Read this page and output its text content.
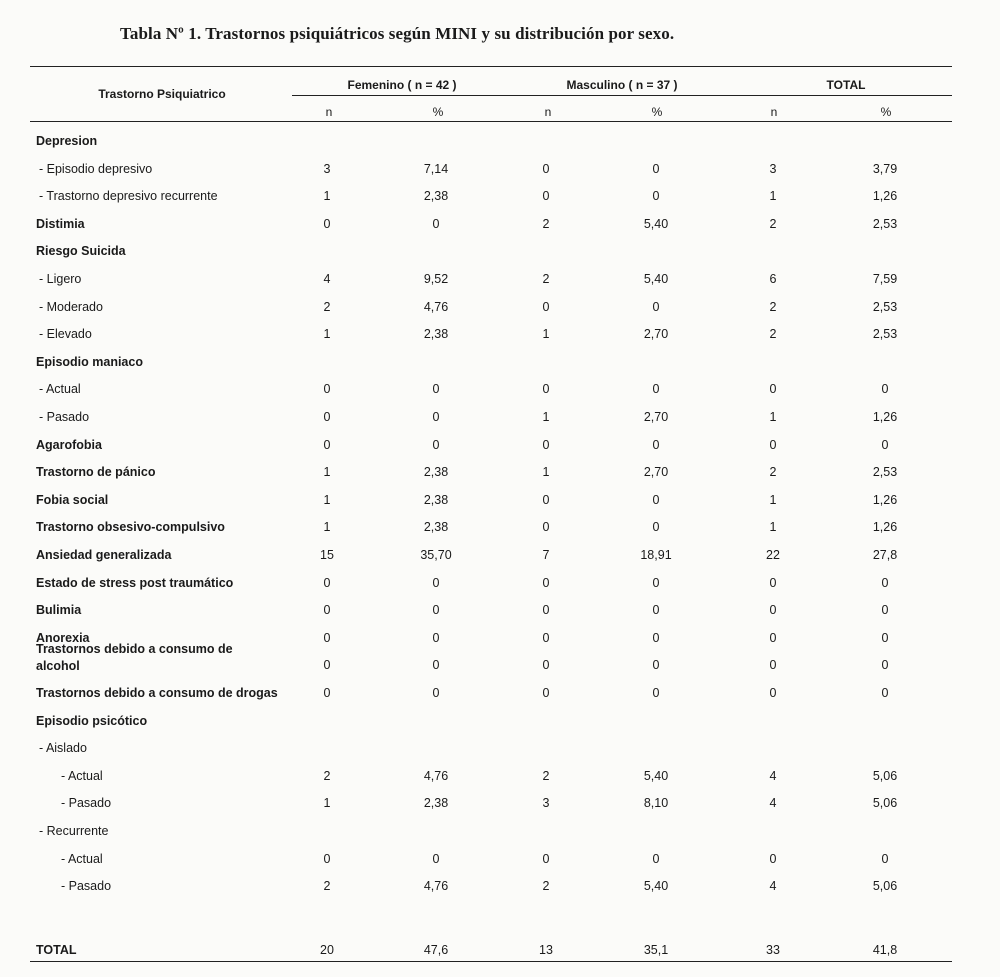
Tabla Nº 1. Trastornos psiquiátricos según MINI y su distribución por sexo.
Trastorno Psiquiatrico
Femenino ( n = 42 )	Masculino ( n = 37 )	TOTAL
n	%	n	%	n	%
Depresion
- Episodio depresivo	3	7,14	0	0	3	3,79
- Trastorno depresivo recurrente	1	2,38	0	0	1	1,26
Distimia	0	0	2	5,40	2	2,53
Riesgo Suicida
- Ligero	4	9,52	2	5,40	6	7,59
- Moderado	2	4,76	0	0	2	2,53
- Elevado	1	2,38	1	2,70	2	2,53
Episodio maniaco
- Actual	0	0	0	0	0	0
- Pasado	0	0	1	2,70	1	1,26
Agarofobia	0	0	0	0	0	0
Trastorno de pánico	1	2,38	1	2,70	2	2,53
Fobia social	1	2,38	0	0	1	1,26
Trastorno obsesivo-compulsivo	1	2,38	0	0	1	1,26
Ansiedad generalizada	15	35,70	7	18,91	22	27,8
Estado de stress post traumático	0	0	0	0	0	0
Bulimia	0	0	0	0	0	0
Anorexia	0	0	0	0	0	0
Trastornos debido a consumo de alcohol	0	0	0	0	0	0
Trastornos debido a consumo de drogas	0	0	0	0	0	0
Episodio psicótico
- Aislado
- Actual	2	4,76	2	5,40	4	5,06
- Pasado	1	2,38	3	8,10	4	5,06
- Recurrente
- Actual	0	0	0	0	0	0
- Pasado	2	4,76	2	5,40	4	5,06
TOTAL	20	47,6	13	35,1	33	41,8
